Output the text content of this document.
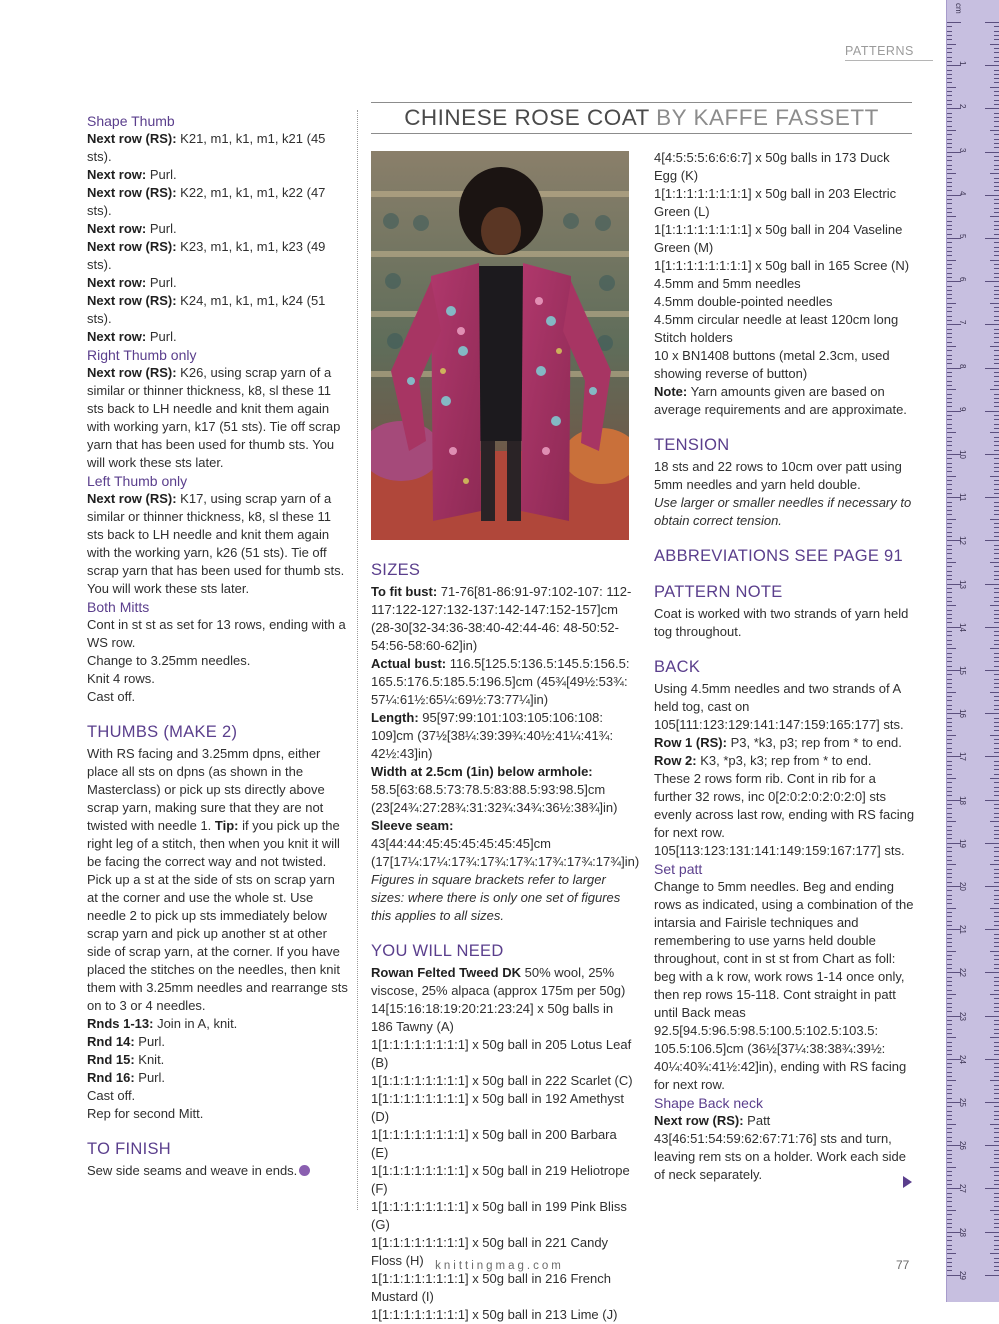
PATTERNS
CHINESE ROSE COAT BY KAFFE FASSETT
Shape Thumb

Next row (RS): K21, m1, k1, m1, k21 (45 sts).

Next row: Purl.

Next row (RS): K22, m1, k1, m1, k22 (47 sts).

Next row: Purl.

Next row (RS): K23, m1, k1, m1, k23 (49 sts).

Next row: Purl.

Next row (RS): K24, m1, k1, m1, k24 (51 sts).

Next row: Purl.

Right Thumb only

Next row (RS): K26, using scrap yarn of a similar or thinner thickness, k8, sl these 11 sts back to LH needle and knit them again with working yarn, k17 (51 sts). Tie off scrap yarn that has been used for thumb sts. You will work these sts later.

Left Thumb only

Next row (RS): K17, using scrap yarn of a similar or thinner thickness, k8, sl these 11 sts back to LH needle and knit them again with the working yarn, k26 (51 sts). Tie off scrap yarn that has been used for thumb sts. You will work these sts later.

Both Mitts

Cont in st st as set for 13 rows, ending with a WS row.

Change to 3.25mm needles.

Knit 4 rows.

Cast off.

THUMBS (MAKE 2)

With RS facing and 3.25mm dpns, either place all sts on dpns (as shown in the Masterclass) or pick up sts directly above scrap yarn, making sure that they are not twisted with needle 1. Tip: if you pick up the right leg of a stitch, then when you knit it will be facing the correct way and not twisted. Pick up a st at the side of sts on scrap yarn at the corner and use the whole st. Use needle 2 to pick up sts immediately below scrap yarn and pick up another st at other side of scrap yarn, at the corner. If you have placed the stitches on the needles, then knit them with 3.25mm needles and rearrange sts on to 3 or 4 needles.

Rnds 1-13: Join in A, knit.

Rnd 14: Purl.

Rnd 15: Knit.

Rnd 16: Purl.

Cast off.

Rep for second Mitt.

TO FINISH

Sew side seams and weave in ends.

SIZES

To fit bust: 71-76[81-86:91-97:102-107: 112-117:122-127:132-137:142-147:152-157]cm (28-30[32-34:36-38:40-42:44-46: 48-50:52-54:56-58:60-62]in)

Actual bust: 116.5[125.5:136.5:145.5:156.5: 165.5:176.5:185.5:196.5]cm (45¾[49½:53¾: 57¼:61½:65¼:69½:73:77¼]in)

Length: 95[97:99:101:103:105:106:108: 109]cm (37½[38¼:39:39¾:40½:41¼:41¾: 42½:43]in)

Width at 2.5cm (1in) below armhole: 58.5[63:68.5:73:78.5:83:88.5:93:98.5]cm (23[24¾:27:28¾:31:32¾:34¾:36½:38¾]in)

Sleeve seam: 43[44:44:45:45:45:45:45:45]cm (17[17¼:17¼:17¾:17¾:17¾:17¾:17¾:17¾]in)

Figures in square brackets refer to larger sizes: where there is only one set of figures this applies to all sizes.

YOU WILL NEED

Rowan Felted Tweed DK 50% wool, 25% viscose, 25% alpaca (approx 175m per 50g) 14[15:16:18:19:20:21:23:24] x 50g balls in 186 Tawny (A)

1[1:1:1:1:1:1:1:1] x 50g ball in 205 Lotus Leaf (B)

1[1:1:1:1:1:1:1:1] x 50g ball in 222 Scarlet (C)

1[1:1:1:1:1:1:1:1] x 50g ball in 192 Amethyst (D)

1[1:1:1:1:1:1:1:1] x 50g ball in 200 Barbara (E)

1[1:1:1:1:1:1:1:1] x 50g ball in 219 Heliotrope (F)

1[1:1:1:1:1:1:1:1] x 50g ball in 199 Pink Bliss (G)

1[1:1:1:1:1:1:1:1] x 50g ball in 221 Candy Floss (H)

1[1:1:1:1:1:1:1:1] x 50g ball in 216 French Mustard (I)

1[1:1:1:1:1:1:1:1] x 50g ball in 213 Lime (J)

4[4:5:5:5:6:6:6:7] x 50g balls in 173 Duck Egg (K)

1[1:1:1:1:1:1:1:1] x 50g ball in 203 Electric Green (L)

1[1:1:1:1:1:1:1:1] x 50g ball in 204 Vaseline Green (M)

1[1:1:1:1:1:1:1:1] x 50g ball in 165 Scree (N)

4.5mm and 5mm needles

4.5mm double-pointed needles

4.5mm circular needle at least 120cm long

Stitch holders

10 x BN1408 buttons (metal 2.3cm, used showing reverse of button)

Note: Yarn amounts given are based on average requirements and are approximate.

TENSION

18 sts and 22 rows to 10cm over patt using 5mm needles and yarn held double.

Use larger or smaller needles if necessary to obtain correct tension.

ABBREVIATIONS SEE PAGE 91
PATTERN NOTE

Coat is worked with two strands of yarn held tog throughout.

BACK

Using 4.5mm needles and two strands of A held tog, cast on 105[111:123:129:141:147:159:165:177] sts.

Row 1 (RS): P3, *k3, p3; rep from * to end.

Row 2: K3, *p3, k3; rep from * to end.

These 2 rows form rib. Cont in rib for a further 32 rows, inc 0[2:0:2:0:2:0:2:0] sts evenly across last row, ending with RS facing for next row. 105[113:123:131:141:149:159:167:177] sts.

Set patt

Change to 5mm needles. Beg and ending rows as indicated, using a combination of the intarsia and Fairisle techniques and remembering to use yarns held double throughout, cont in st st from Chart as foll: beg with a k row, work rows 1-14 once only, then rep rows 15-118. Cont straight in patt until Back meas 92.5[94.5:96.5:98.5:100.5:102.5:103.5: 105.5:106.5]cm (36½[37¼:38:38¾:39½: 40¼:40¾:41½:42]in), ending with RS facing for next row.

Shape Back neck

Next row (RS): Patt 43[46:51:54:59:62:67:71:76] sts and turn, leaving rem sts on a holder. Work each side of neck separately.

knittingmag.com	77
cm
1
2
3
4
5
6
7
8
9
10
11
12
13
14
15
16
17
18
19
20
21
22
23
24
25
26
27
28
29
